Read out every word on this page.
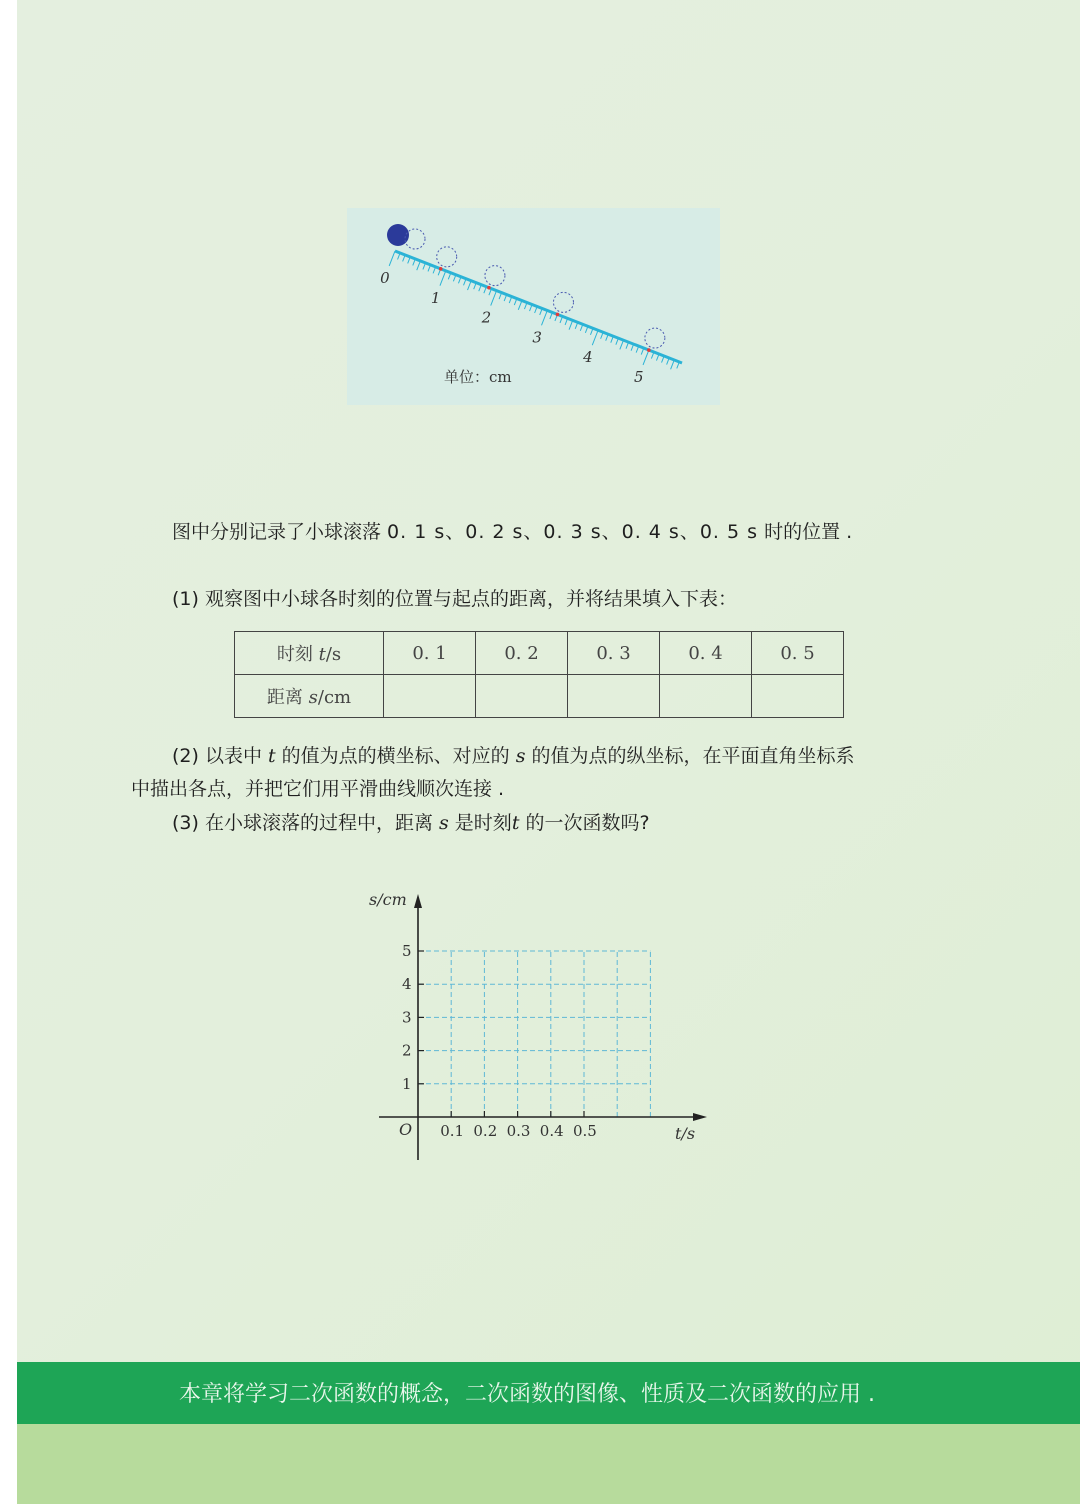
0
1
2
3
4
5
单位：cm
图中分别记录了小球滚落 0. 1 s、0. 2 s、0. 3 s、0. 4 s、0. 5 s 时的位置 .
(1) 观察图中小球各时刻的位置与起点的距离，并将结果填入下表：
时刻 t/s	0. 1	0. 2	0. 3	0. 4	0. 5
距离 s/cm					
(2) 以表中 t 的值为点的横坐标、对应的 s 的值为点的纵坐标，在平面直角坐标系
中描出各点，并把它们用平滑曲线顺次连接 .
(3) 在小球滚落的过程中，距离 s 是时刻t 的一次函数吗?
1
2
3
4
5
0.1 0.2 0.3 0.4 0.5
s/cm
t/s
O
本章将学习二次函数的概念，二次函数的图像、性质及二次函数的应用 .
